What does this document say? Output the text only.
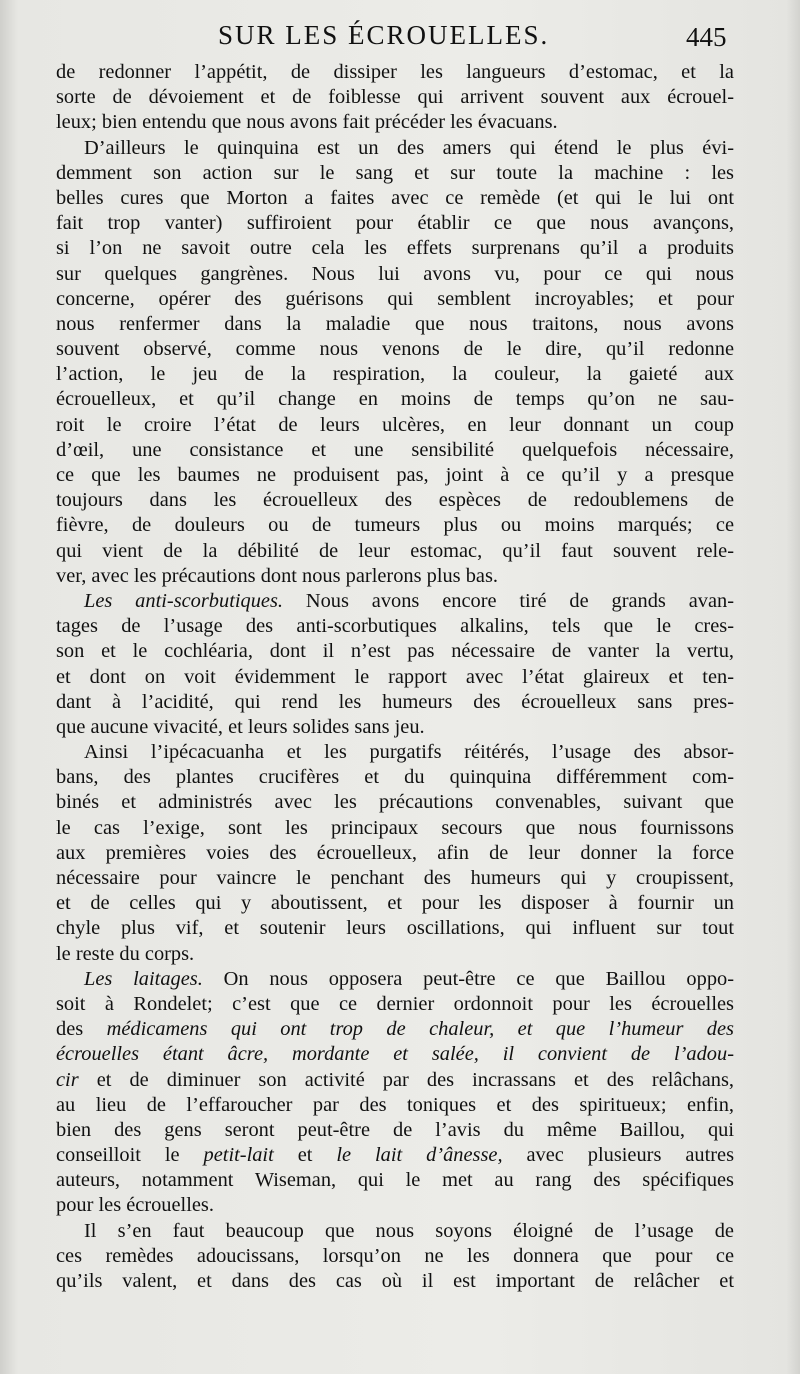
SUR LES ÉCROUELLES.	445
de redonner l’appétit, de dissiper les langueurs d’estomac, et la
sorte de dévoiement et de foiblesse qui arrivent souvent aux écrouel-
leux; bien entendu que nous avons fait précéder les évacuans.
D’ailleurs le quinquina est un des amers qui étend le plus évi-
demment son action sur le sang et sur toute la machine : les
belles cures que Morton a faites avec ce remède (et qui le lui ont
fait trop vanter) suffiroient pour établir ce que nous avançons,
si l’on ne savoit outre cela les effets surprenans qu’il a produits
sur quelques gangrènes. Nous lui avons vu, pour ce qui nous
concerne, opérer des guérisons qui semblent incroyables; et pour
nous renfermer dans la maladie que nous traitons, nous avons
souvent observé, comme nous venons de le dire, qu’il redonne
l’action, le jeu de la respiration, la couleur, la gaieté aux
écrouelleux, et qu’il change en moins de temps qu’on ne sau-
roit le croire l’état de leurs ulcères, en leur donnant un coup
d’œil, une consistance et une sensibilité quelquefois nécessaire,
ce que les baumes ne produisent pas, joint à ce qu’il y a presque
toujours dans les écrouelleux des espèces de redoublemens de
fièvre, de douleurs ou de tumeurs plus ou moins marqués; ce
qui vient de la débilité de leur estomac, qu’il faut souvent rele-
ver, avec les précautions dont nous parlerons plus bas.
Les anti-scorbutiques. Nous avons encore tiré de grands avan-
tages de l’usage des anti-scorbutiques alkalins, tels que le cres-
son et le cochléaria, dont il n’est pas nécessaire de vanter la vertu,
et dont on voit évidemment le rapport avec l’état glaireux et ten-
dant à l’acidité, qui rend les humeurs des écrouelleux sans pres-
que aucune vivacité, et leurs solides sans jeu.
Ainsi l’ipécacuanha et les purgatifs réitérés, l’usage des absor-
bans, des plantes crucifères et du quinquina différemment com-
binés et administrés avec les précautions convenables, suivant que
le cas l’exige, sont les principaux secours que nous fournissons
aux premières voies des écrouelleux, afin de leur donner la force
nécessaire pour vaincre le penchant des humeurs qui y croupissent,
et de celles qui y aboutissent, et pour les disposer à fournir un
chyle plus vif, et soutenir leurs oscillations, qui influent sur tout
le reste du corps.
Les laitages. On nous opposera peut-être ce que Baillou oppo-
soit à Rondelet; c’est que ce dernier ordonnoit pour les écrouelles
des médicamens qui ont trop de chaleur, et que l’humeur des
écrouelles étant âcre, mordante et salée, il convient de l’adou-
cir et de diminuer son activité par des incrassans et des relâchans,
au lieu de l’effaroucher par des toniques et des spiritueux; enfin,
bien des gens seront peut-être de l’avis du même Baillou, qui
conseilloit le petit-lait et le lait d’ânesse, avec plusieurs autres
auteurs, notamment Wiseman, qui le met au rang des spécifiques
pour les écrouelles.
Il s’en faut beaucoup que nous soyons éloigné de l’usage de
ces remèdes adoucissans, lorsqu’on ne les donnera que pour ce
qu’ils valent, et dans des cas où il est important de relâcher et
